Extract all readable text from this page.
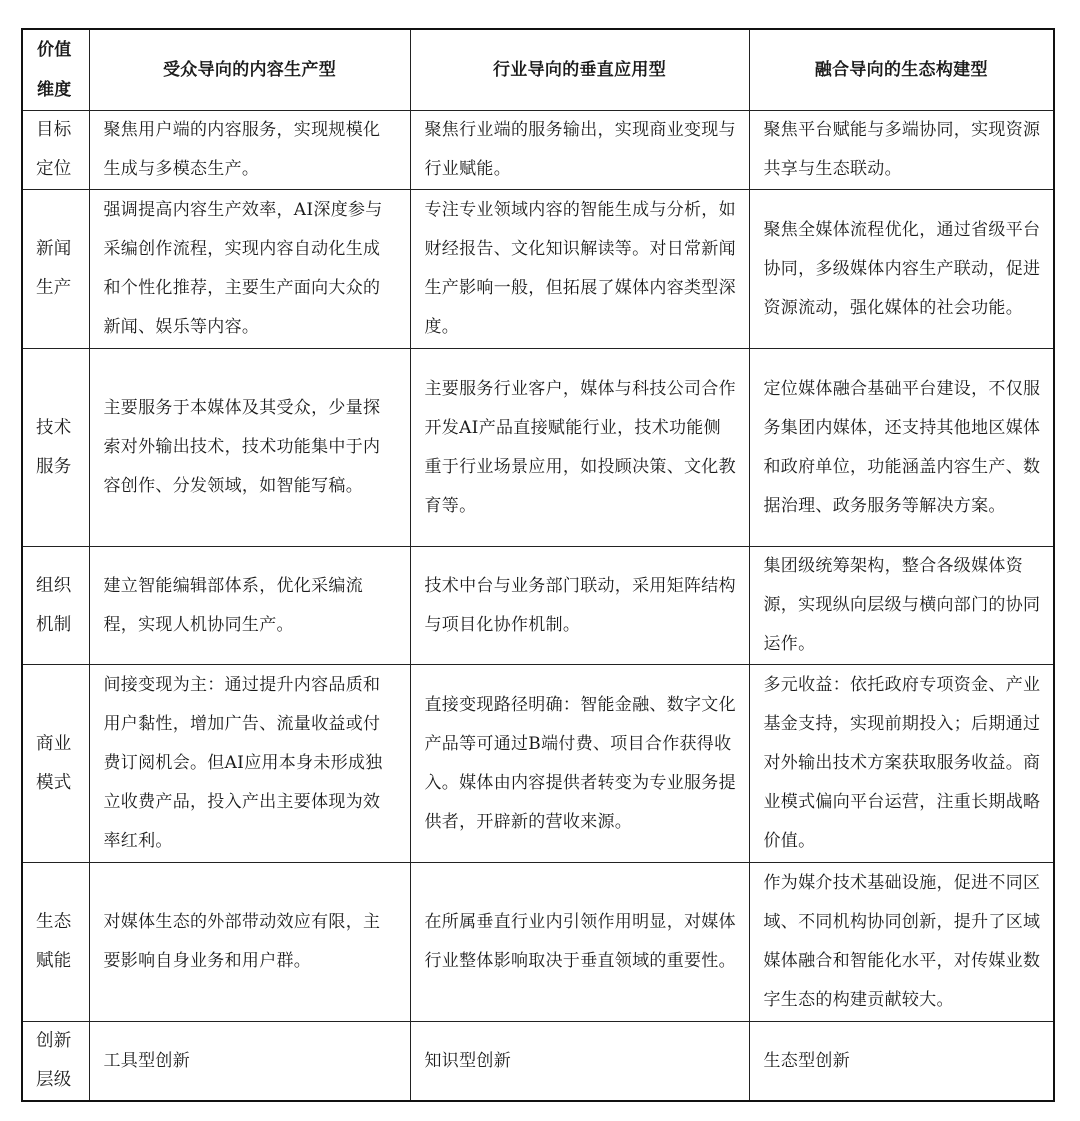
价值维度	受众导向的内容生产型	行业导向的垂直应用型	融合导向的生态构建型
目标定位	聚焦用户端的内容服务，实现规模化生成与多模态生产。	聚焦行业端的服务输出，实现商业变现与行业赋能。	聚焦平台赋能与多端协同，实现资源共享与生态联动。
新闻生产	强调提高内容生产效率，AI深度参与采编创作流程，实现内容自动化生成和个性化推荐，主要生产面向大众的新闻、娱乐等内容。	专注专业领域内容的智能生成与分析，如财经报告、文化知识解读等。对日常新闻生产影响一般，但拓展了媒体内容类型深度。	聚焦全媒体流程优化，通过省级平台协同，多级媒体内容生产联动，促进资源流动，强化媒体的社会功能。
技术服务	主要服务于本媒体及其受众，少量探索对外输出技术，技术功能集中于内容创作、分发领域，如智能写稿。	主要服务行业客户，媒体与科技公司合作开发AI产品直接赋能行业，技术功能侧重于行业场景应用，如投顾决策、文化教育等。	定位媒体融合基础平台建设，不仅服务集团内媒体，还支持其他地区媒体和政府单位，功能涵盖内容生产、数据治理、政务服务等解决方案。
组织机制	建立智能编辑部体系，优化采编流程，实现人机协同生产。	技术中台与业务部门联动，采用矩阵结构与项目化协作机制。	集团级统筹架构，整合各级媒体资源，实现纵向层级与横向部门的协同运作。
商业模式	间接变现为主：通过提升内容品质和用户黏性，增加广告、流量收益或付费订阅机会。但AI应用本身未形成独立收费产品，投入产出主要体现为效率红利。	直接变现路径明确：智能金融、数字文化产品等可通过B端付费、项目合作获得收入。媒体由内容提供者转变为专业服务提供者，开辟新的营收来源。	多元收益：依托政府专项资金、产业基金支持，实现前期投入；后期通过对外输出技术方案获取服务收益。商业模式偏向平台运营，注重长期战略价值。
生态赋能	对媒体生态的外部带动效应有限，主要影响自身业务和用户群。	在所属垂直行业内引领作用明显，对媒体行业整体影响取决于垂直领域的重要性。	作为媒介技术基础设施，促进不同区域、不同机构协同创新，提升了区域媒体融合和智能化水平，对传媒业数字生态的构建贡献较大。
创新层级	工具型创新	知识型创新	生态型创新
